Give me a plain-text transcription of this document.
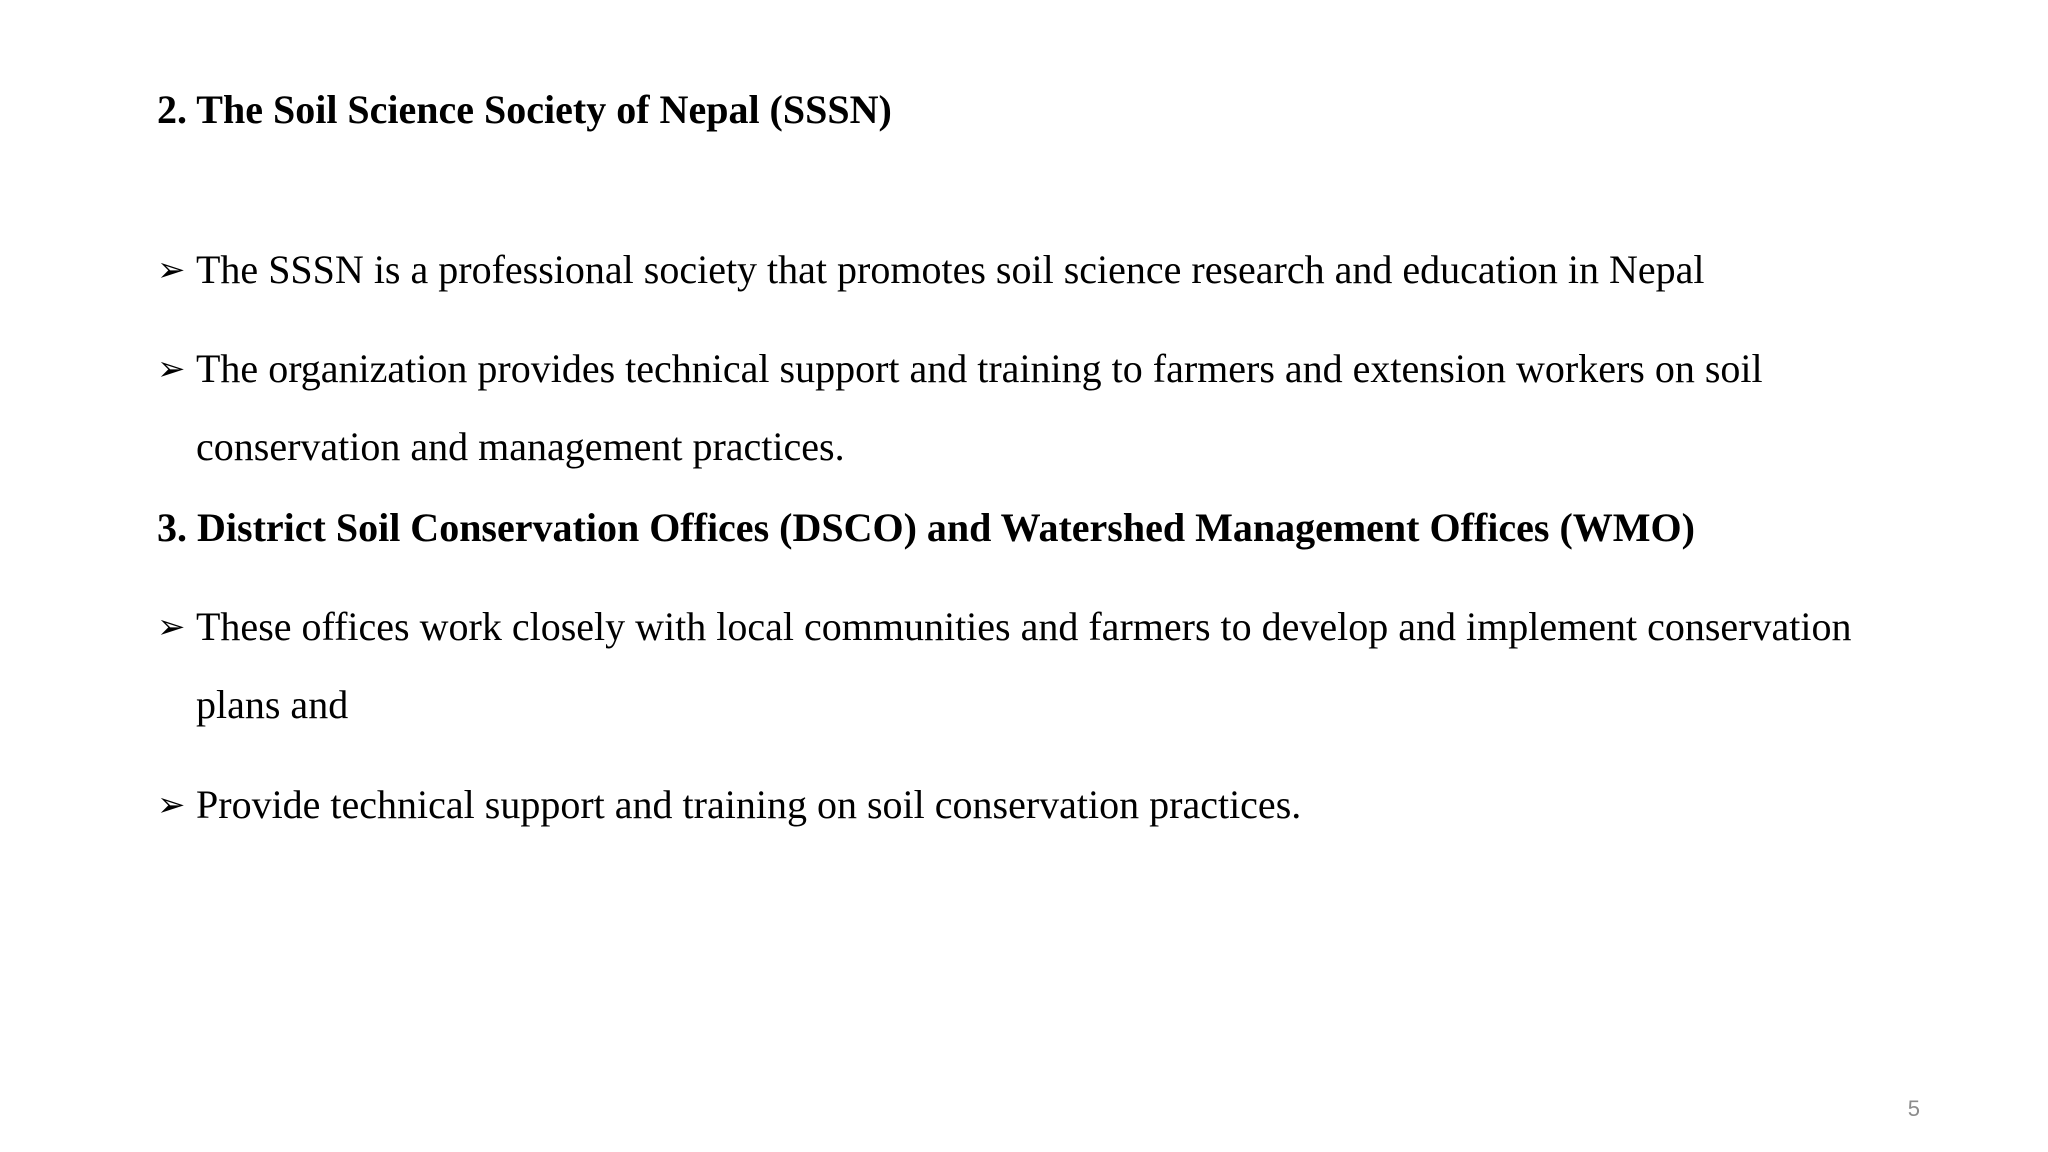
2. The Soil Science Society of Nepal (SSSN)
➢ The SSSN is a professional society that promotes soil science research and education in Nepal
➢ The organization provides technical support and training to farmers and extension workers on soil conservation and management practices.
3. District Soil Conservation Offices (DSCO) and Watershed Management Offices (WMO)
➢ These offices work closely with local communities and farmers to develop and implement conservation plans and
➢ Provide technical support and training on soil conservation practices.
5
